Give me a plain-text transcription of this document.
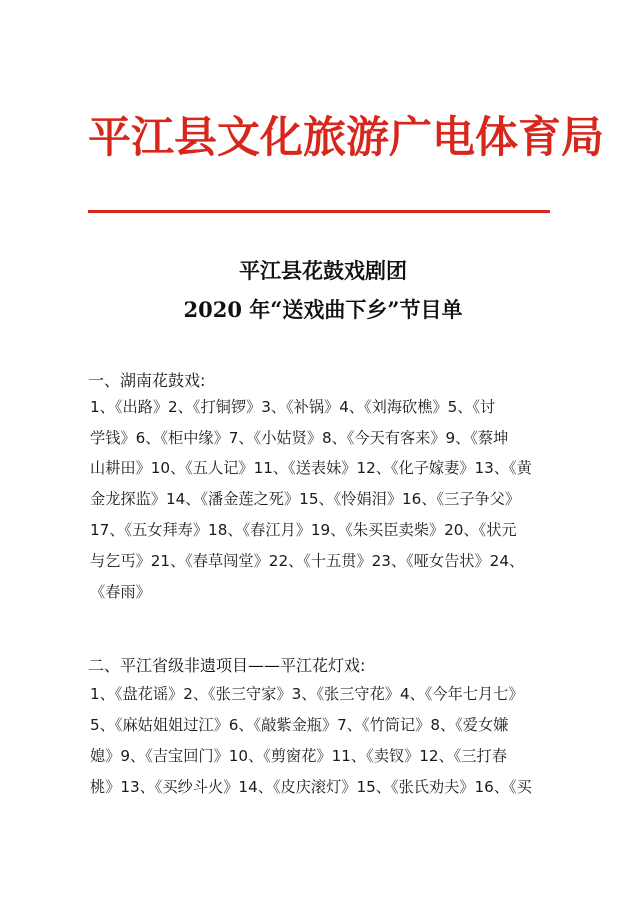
平江县文化旅游广电体育局
平江县花鼓戏剧团
2020 年“送戏曲下乡”节目单
一、湖南花鼓戏:
1、《出路》2、《打铜锣》3、《补锅》4、《刘海砍樵》5、《讨
学钱》6、《柜中缘》7、《小姑贤》8、《今天有客来》9、《蔡坤
山耕田》10、《五人记》11、《送表妹》12、《化子嫁妻》13、《黄
金龙探监》14、《潘金莲之死》15、《怜娟泪》16、《三子争父》
17、《五女拜寿》18、《春江月》19、《朱买臣卖柴》20、《状元
与乞丐》21、《春草闯堂》22、《十五贯》23、《哑女告状》24、
《春雨》
二、平江省级非遗项目——平江花灯戏:
1、《盘花谣》2、《张三守家》3、《张三守花》4、《今年七月七》
5、《麻姑姐姐过江》6、《敲紫金瓶》7、《竹筒记》8、《爱女嫌
媳》9、《吉宝回门》10、《剪窗花》11、《卖钗》12、《三打春
桃》13、《买纱斗火》14、《皮庆滚灯》15、《张氏劝夫》16、《买
